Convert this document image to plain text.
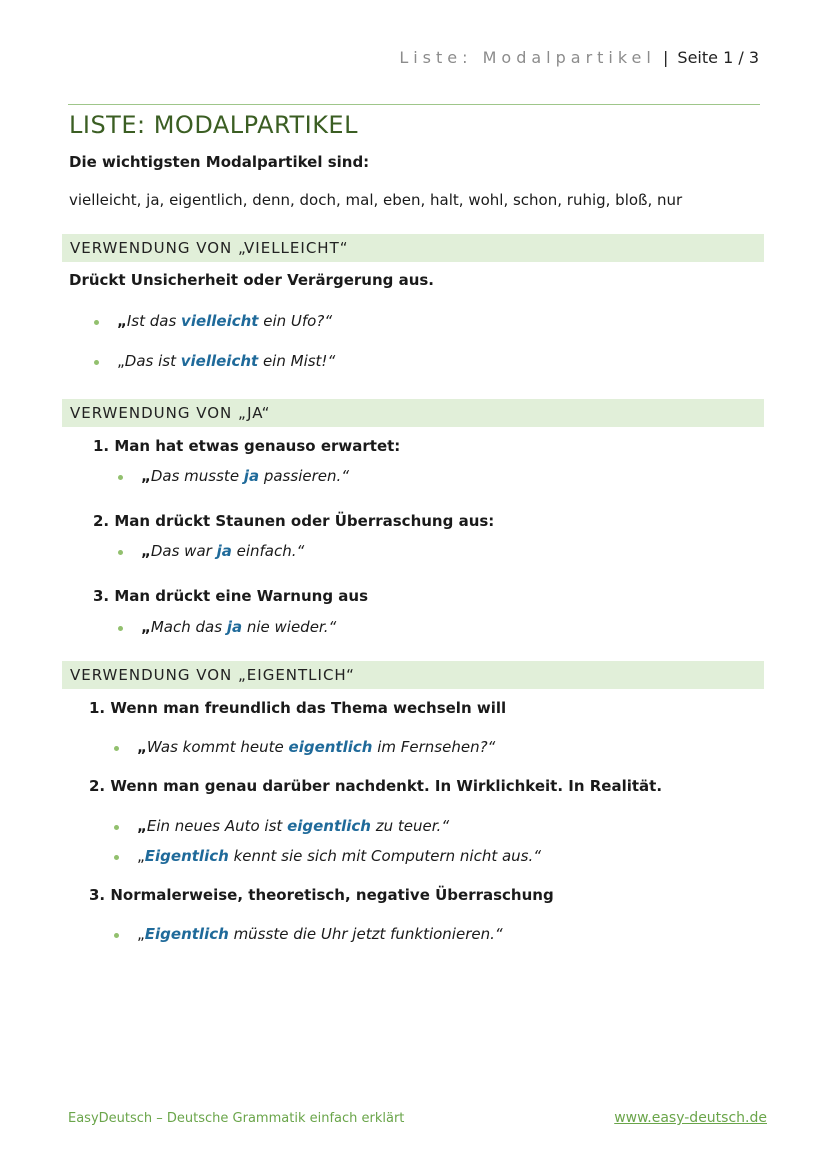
Liste: Modalpartikel | Seite 1 / 3
LISTE: MODALPARTIKEL
Die wichtigsten Modalpartikel sind:
vielleicht, ja, eigentlich, denn, doch, mal, eben, halt, wohl, schon, ruhig, bloß, nur
VERWENDUNG VON „VIELLEICHT“
Drückt Unsicherheit oder Verärgerung aus.
„Ist das vielleicht ein Ufo?“
„Das ist vielleicht ein Mist!“
VERWENDUNG VON „JA“
1. Man hat etwas genauso erwartet:
„Das musste ja passieren.“
2. Man drückt Staunen oder Überraschung aus:
„Das war ja einfach.“
3. Man drückt eine Warnung aus
„Mach das ja nie wieder.“
VERWENDUNG VON „EIGENTLICH“
1. Wenn man freundlich das Thema wechseln will
„Was kommt heute eigentlich im Fernsehen?“
2. Wenn man genau darüber nachdenkt. In Wirklichkeit. In Realität.
„Ein neues Auto ist eigentlich zu teuer.“
„Eigentlich kennt sie sich mit Computern nicht aus.“
3. Normalerweise, theoretisch, negative Überraschung
„Eigentlich müsste die Uhr jetzt funktionieren.“
EasyDeutsch – Deutsche Grammatik einfach erklärt	www.easy-deutsch.de
